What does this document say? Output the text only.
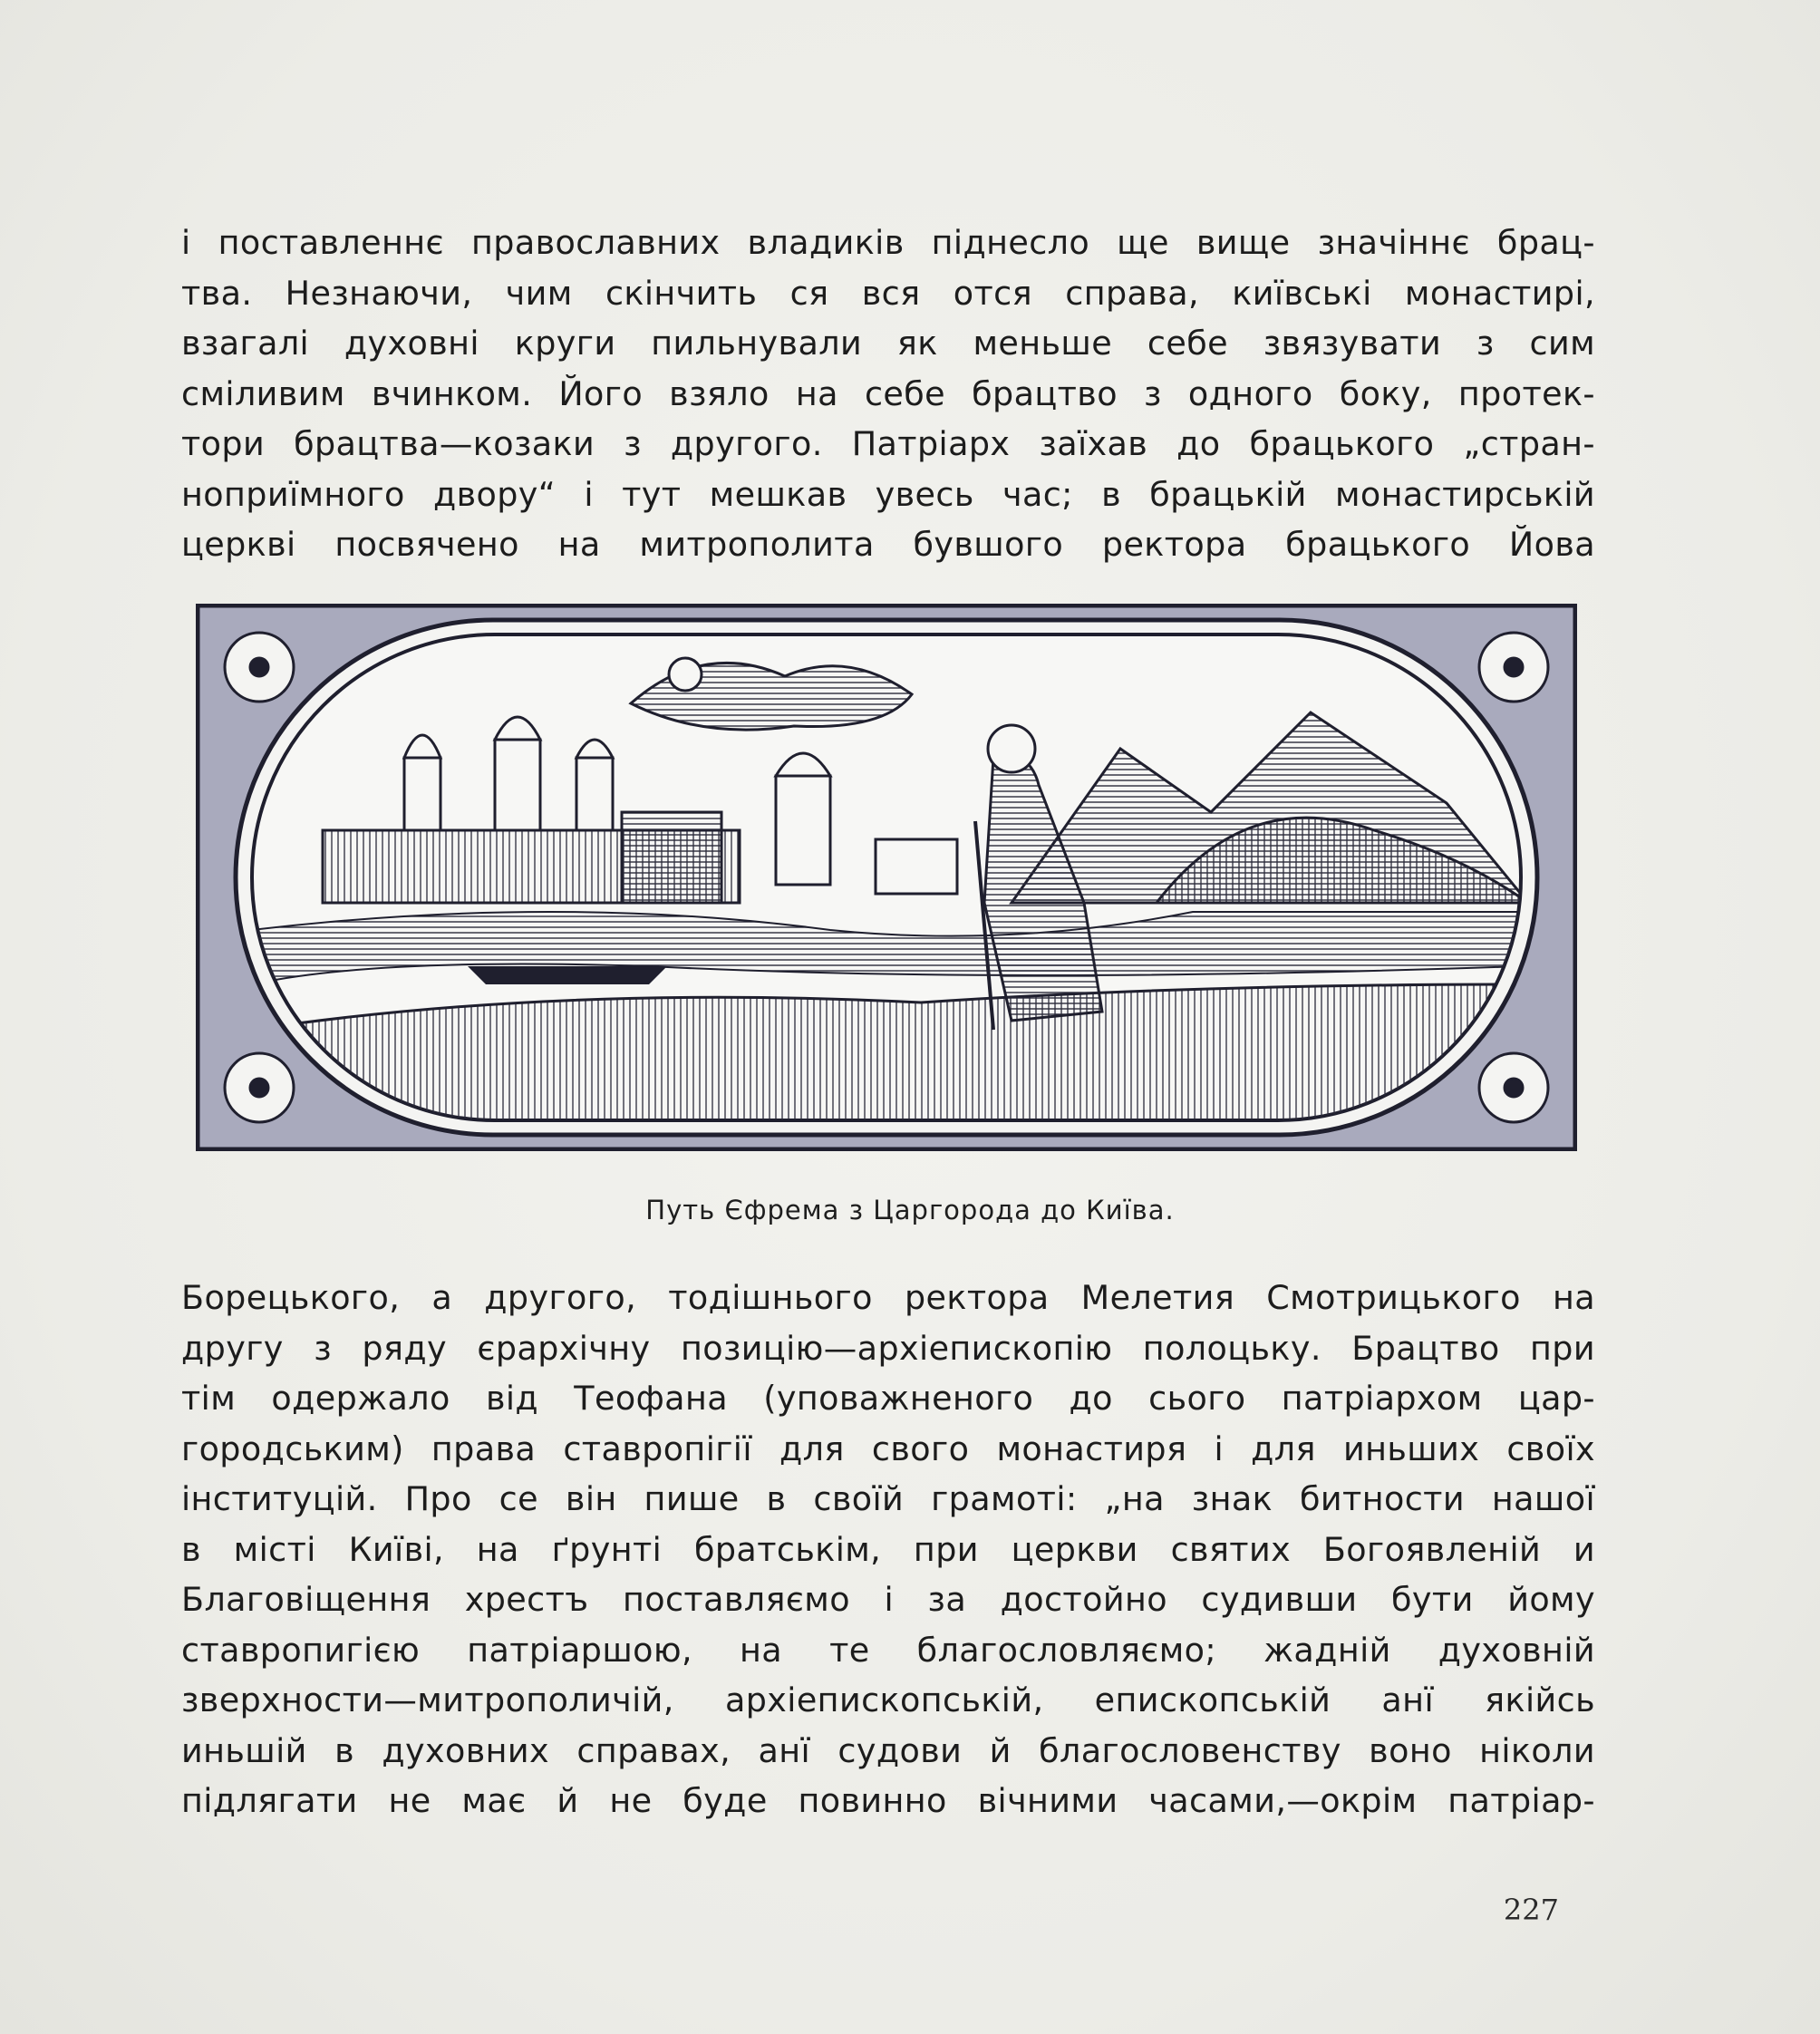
і поставленнє православних владиків піднесло ще вище значіннє брац-
тва. Незнаючи, чим скінчить ся вся отся справа, київські монастирі,
взагалі духовні круги пильнували як меньше себе звязувати з сим
сміливим вчинком. Його взяло на себе брацтво з одного боку, протек-
тори брацтва—козаки з другого. Патріарх заїхав до брацького „стран-
ноприїмного двору“ і тут мешкав увесь час; в брацькій монастирській
церкві посвячено на митрополита бувшого ректора брацького Йова
Путь Єфрема з Царгорода до Київа.
Борецького, а другого, тодішнього ректора Мелетия Смотрицького на
другу з ряду єрархічну позицію—архіепископію полоцьку. Брацтво при
тім одержало від Теофана (уповажненого до сього патріархом цар-
городським) права ставропігії для свого монастиря і для иньших своїх
інституцій. Про се він пише в своїй грамоті: „на знак битности нашої
в місті Київі, на ґрунті братськім, при церкви святих Богоявлeній и
Благовіщення хрестъ поставляємо і за достойно судивши бути йому
ставропигією патріаршою, на те благословляємо; жадній духовній
зверхности—митрополичій, архіепископській, епископській анї якійсь
иньшій в духовних справах, анї судови й благословенству воно ніколи
підлягати не має й не буде повинно вічними часами,—окрім патріар-
227
